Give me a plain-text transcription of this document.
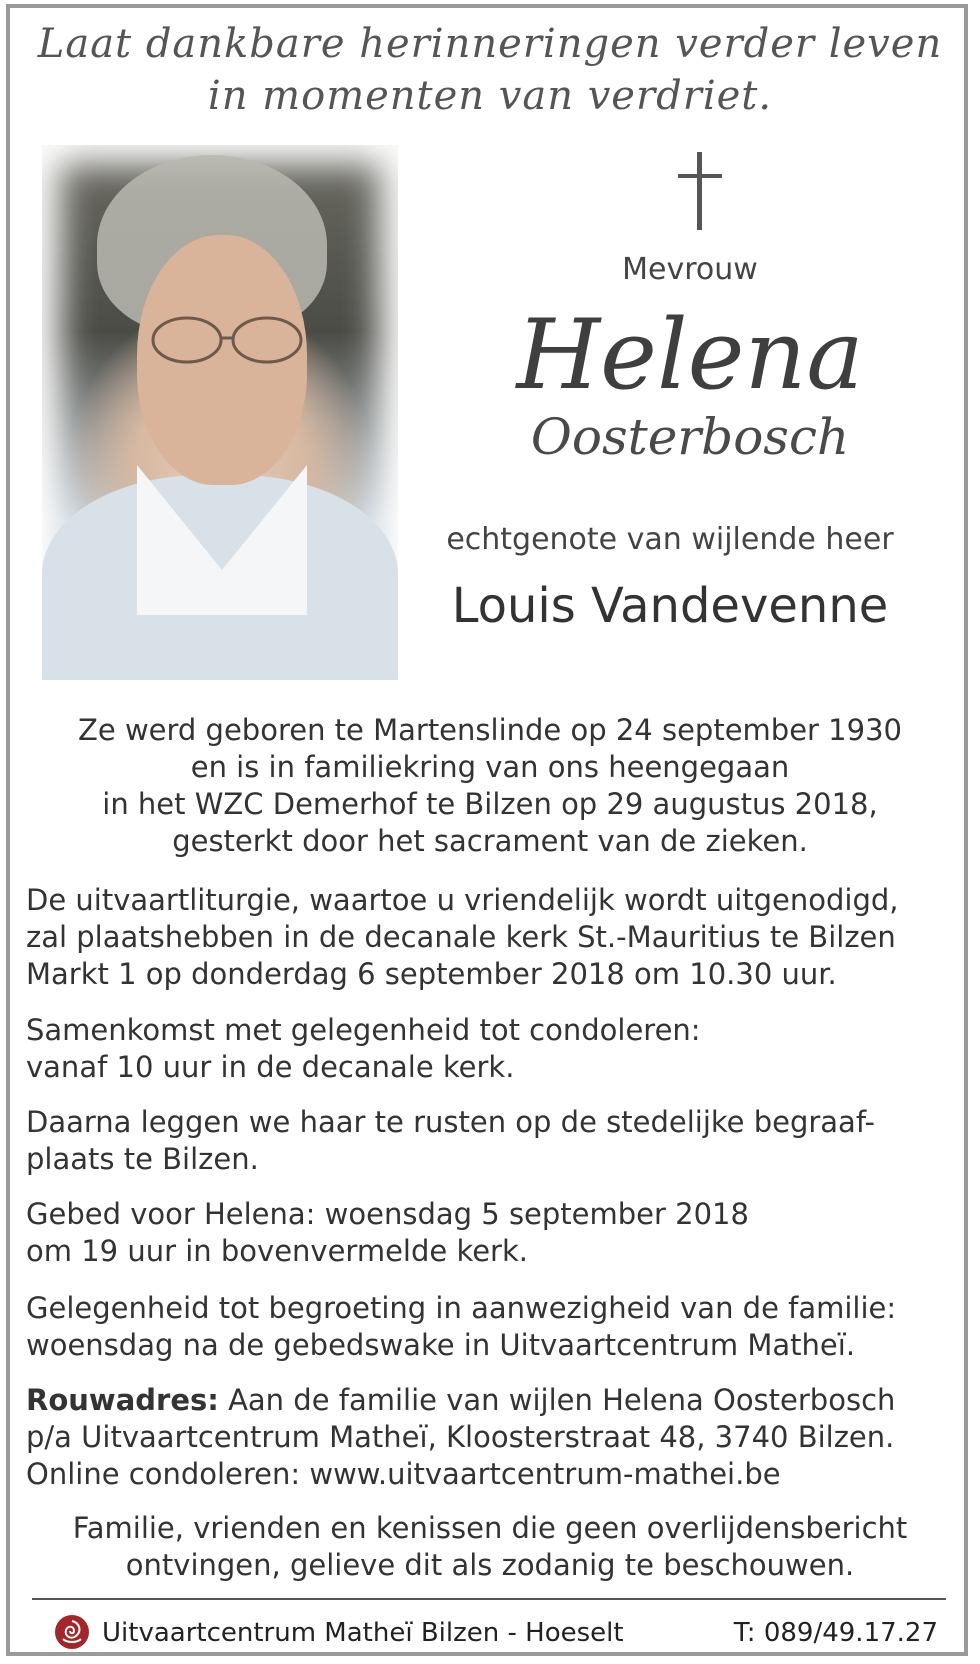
Laat dankbare herinneringen verder leven
in momenten van verdriet.
Mevrouw
Helena
Oosterbosch
echtgenote van wijlende heer
Louis Vandevenne
Ze werd geboren te Martenslinde op 24 september 1930
en is in familiekring van ons heengegaan
in het WZC Demerhof te Bilzen op 29 augustus 2018,
gesterkt door het sacrament van de zieken.
De uitvaartliturgie, waartoe u vriendelijk wordt uitgenodigd,
zal plaatshebben in de decanale kerk St.-Mauritius te Bilzen
Markt 1 op donderdag 6 september 2018 om 10.30 uur.
Samenkomst met gelegenheid tot condoleren:
vanaf 10 uur in de decanale kerk.
Daarna leggen we haar te rusten op de stedelijke begraaf-
plaats te Bilzen.
Gebed voor Helena: woensdag 5 september 2018
om 19 uur in bovenvermelde kerk.
Gelegenheid tot begroeting in aanwezigheid van de familie:
woensdag na de gebedswake in Uitvaartcentrum Matheï.
Rouwadres: Aan de familie van wijlen Helena Oosterbosch
p/a Uitvaartcentrum Matheï, Kloosterstraat 48, 3740 Bilzen.
Online condoleren: www.uitvaartcentrum-mathei.be
Familie, vrienden en kenissen die geen overlijdensbericht
ontvingen, gelieve dit als zodanig te beschouwen.
Uitvaartcentrum Matheï Bilzen - Hoeselt	T: 089/49.17.27
